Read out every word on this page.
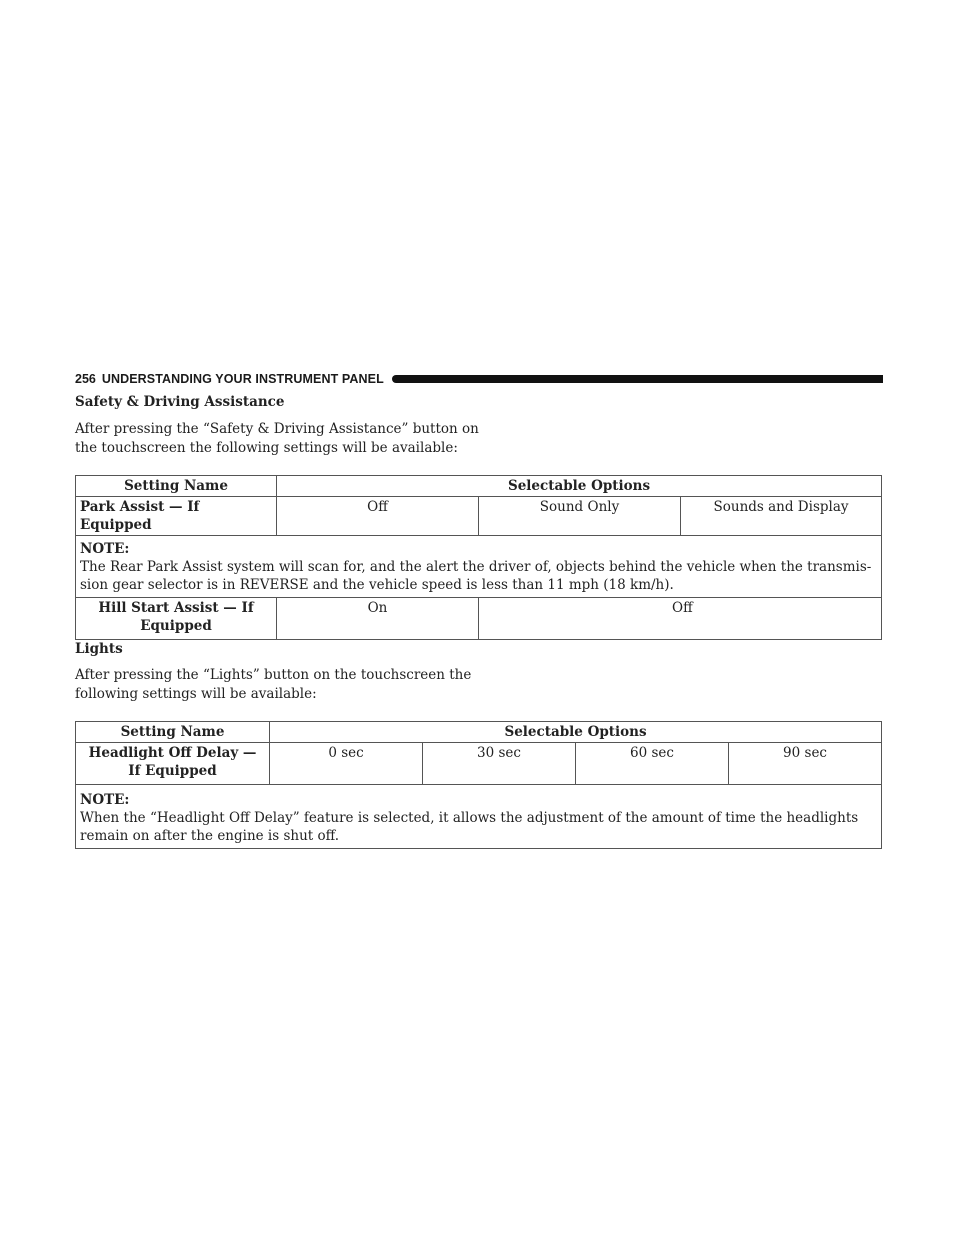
256 UNDERSTANDING YOUR INSTRUMENT PANEL
Safety & Driving Assistance
After pressing the “Safety & Driving Assistance” button on
the touchscreen the following settings will be available:
Setting Name	Selectable Options		
Park Assist — If Equipped	Off	Sound Only	Sounds and Display

NOTE:
The Rear Park Assist system will scan for, and the alert the driver of, objects behind the vehicle when the transmis-
sion gear selector is in REVERSE and the vehicle speed is less than 11 mph (18 km/h).			

Hill Start Assist — If
Equipped	On	Off	
Lights
After pressing the “Lights” button on the touchscreen the
following settings will be available:
Setting Name	Selectable Options			

Headlight Off Delay —
If Equipped	0 sec	30 sec	60 sec	90 sec

NOTE:
When the “Headlight Off Delay” feature is selected, it allows the adjustment of the amount of time the headlights
remain on after the engine is shut off.				
